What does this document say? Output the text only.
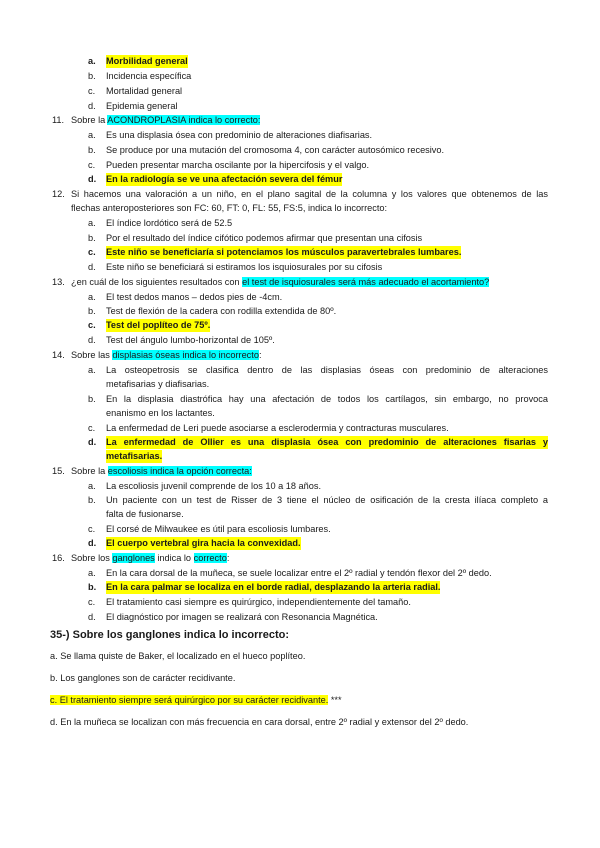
a. Morbilidad general
b. Incidencia específica
c. Mortalidad general
d. Epidemia general
11. Sobre la ACONDROPLASIA indica lo correcto:
a. Es una displasia ósea con predominio de alteraciones diafisarias.
b. Se produce por una mutación del cromosoma 4, con carácter autosómico recesivo.
c. Pueden presentar marcha oscilante por la hipercifosis y el valgo.
d. En la radiología se ve una afectación severa del fémur
12. Si hacemos una valoración a un niño, en el plano sagital de la columna y los valores que obtenemos de las
flechas anteroposteriores son FC: 60, FT: 0, FL: 55, FS:5, indica lo incorrecto:
a. El índice lordótico será de 52.5
b. Por el resultado del índice cifótico podemos afirmar que presentan una cifosis
c. Este niño se beneficiaría si potenciamos los músculos paravertebrales lumbares.
d. Este niño se beneficiará si estiramos los isquiosurales por su cifosis
13. ¿en cuál de los siguientes resultados con el test de isquiosurales será más adecuado el acortamiento?
a. El test dedos manos – dedos pies de -4cm.
b. Test de flexión de la cadera con rodilla extendida de 80º.
c. Test del poplíteo de 75º.
d. Test del ángulo lumbo-horizontal de 105º.
14. Sobre las displasias óseas indica lo incorrecto:
a. La osteopetrosis se clasifica dentro de las displasias óseas con predominio de alteraciones
metafisarias y diafisarias.
b. En la displasia diastrófica hay una afectación de todos los cartílagos, sin embargo, no provoca
enanismo en los lactantes.
c. La enfermedad de Leri puede asociarse a esclerodermia y contracturas musculares.
d. La enfermedad de Ollier es una displasia ósea con predominio de alteraciones fisarias y
metafisarias.
15. Sobre la escoliosis indica la opción correcta:
a. La escoliosis juvenil comprende de los 10 a 18 años.
b. Un paciente con un test de Risser de 3 tiene el núcleo de osificación de la cresta ilíaca completo a
falta de fusionarse.
c. El corsé de Milwaukee es útil para escoliosis lumbares.
d. El cuerpo vertebral gira hacia la convexidad.
16. Sobre los ganglones indica lo correcto:
a. En la cara dorsal de la muñeca, se suele localizar entre el 2º radial y tendón flexor del 2º dedo.
b. En la cara palmar se localiza en el borde radial, desplazando la arteria radial.
c. El tratamiento casi siempre es quirúrgico, independientemente del tamaño.
d. El diagnóstico por imagen se realizará con Resonancia Magnética.
35-) Sobre los ganglones indica lo incorrecto:
a. Se llama quiste de Baker, el localizado en el hueco poplíteo.
b. Los ganglones son de carácter recidivante.
c. El tratamiento siempre será quirúrgico por su carácter recidivante. ***
d. En la muñeca se localizan con más frecuencia en cara dorsal, entre 2º radial y extensor del 2º dedo.
